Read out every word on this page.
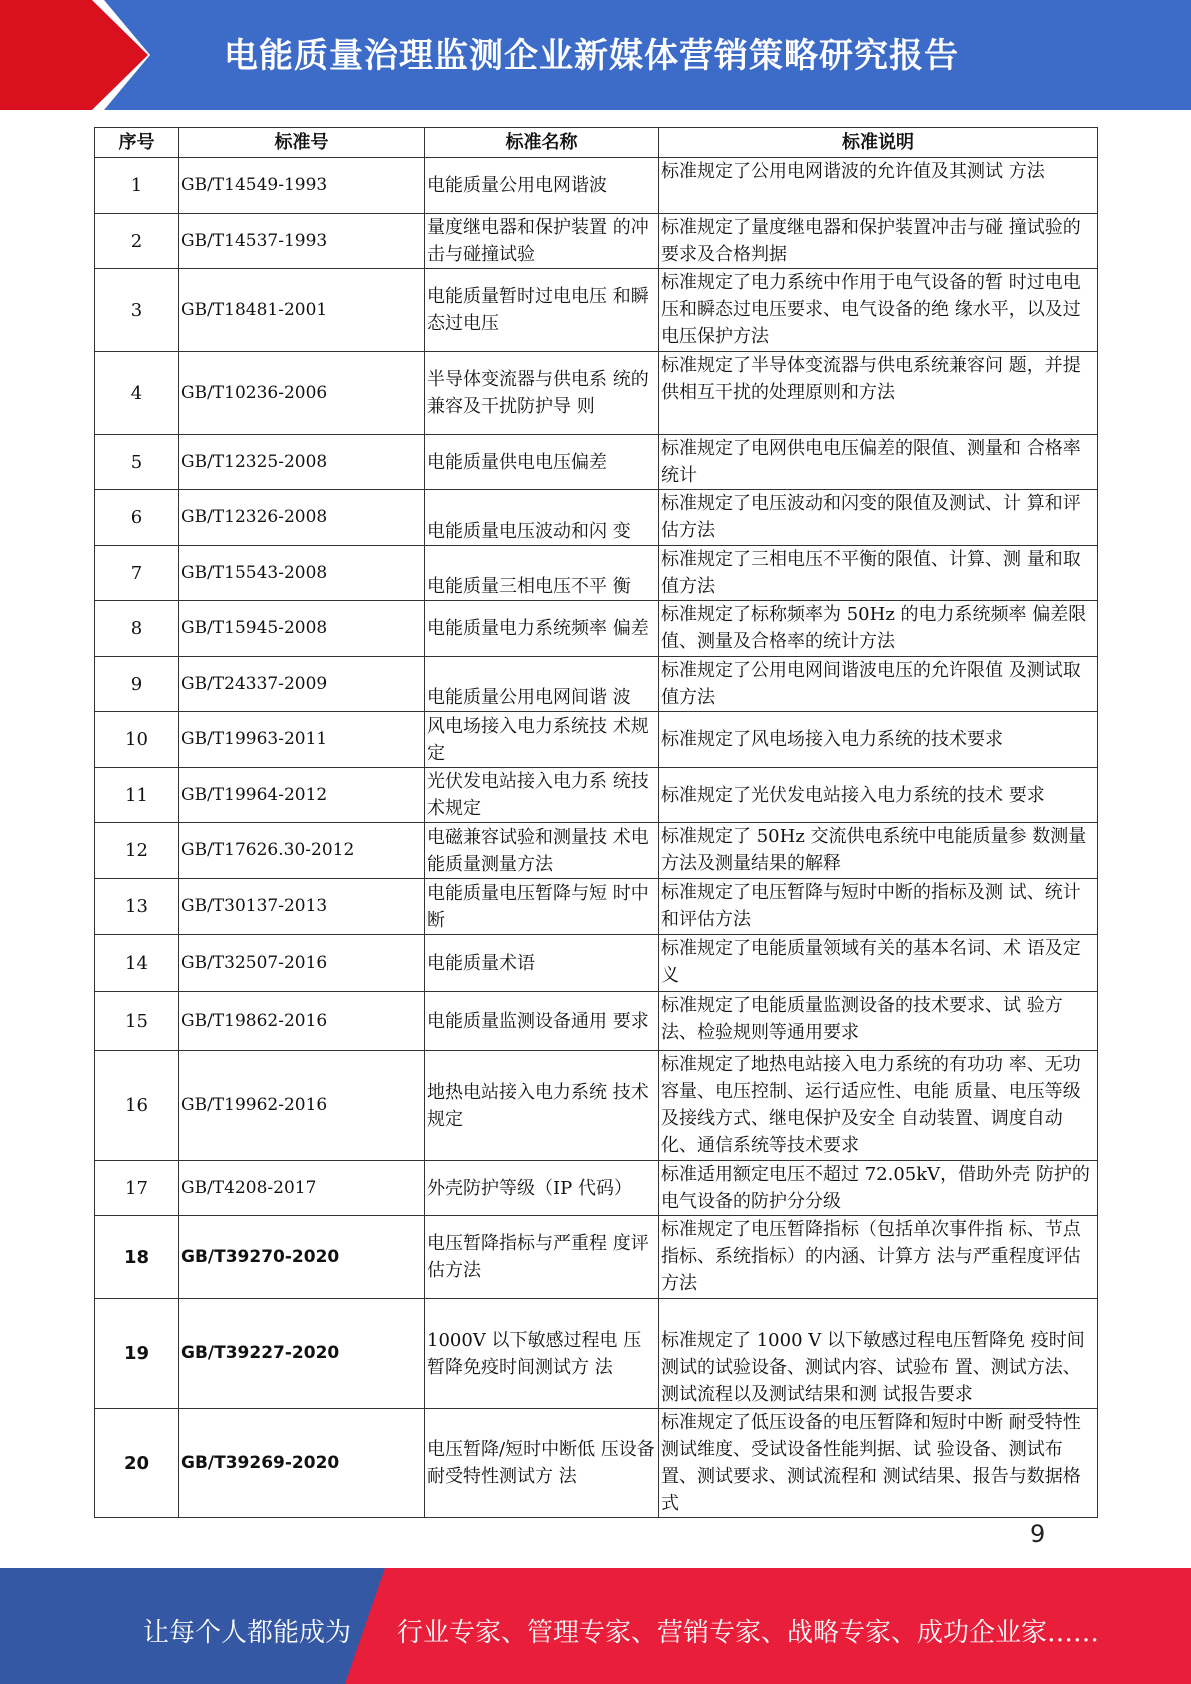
电能质量治理监测企业新媒体营销策略研究报告
序号	标准号	标准名称	标准说明
1	GB/T14549-1993	电能质量公用电网谐波	标准规定了公用电网谐波的允许值及其测试 方法
2	GB/T14537-1993	量度继电器和保护装置 的冲击与碰撞试验	标准规定了量度继电器和保护装置冲击与碰 撞试验的要求及合格判据
3	GB/T18481-2001	电能质量暂时过电电压 和瞬态过电压	标准规定了电力系统中作用于电气设备的暂 时过电电压和瞬态过电压要求、电气设备的绝 缘水平，以及过电压保护方法
4	GB/T10236-2006	半导体变流器与供电系 统的兼容及干扰防护导 则	标准规定了半导体变流器与供电系统兼容问 题，并提供相互干扰的处理原则和方法
5	GB/T12325-2008	电能质量供电电压偏差	标准规定了电网供电电压偏差的限值、测量和 合格率统计
6	GB/T12326-2008	电能质量电压波动和闪 变	标准规定了电压波动和闪变的限值及测试、计 算和评估方法
7	GB/T15543-2008	电能质量三相电压不平 衡	标准规定了三相电压不平衡的限值、计算、测 量和取值方法
8	GB/T15945-2008	电能质量电力系统频率 偏差	标准规定了标称频率为 50Hz 的电力系统频率 偏差限值、测量及合格率的统计方法
9	GB/T24337-2009	电能质量公用电网间谐 波	标准规定了公用电网间谐波电压的允许限值 及测试取值方法
10	GB/T19963-2011	风电场接入电力系统技 术规定	标准规定了风电场接入电力系统的技术要求
11	GB/T19964-2012	光伏发电站接入电力系 统技术规定	标准规定了光伏发电站接入电力系统的技术 要求
12	GB/T17626.30-2012	电磁兼容试验和测量技 术电能质量测量方法	标准规定了 50Hz 交流供电系统中电能质量参 数测量方法及测量结果的解释
13	GB/T30137-2013	电能质量电压暂降与短 时中断	标准规定了电压暂降与短时中断的指标及测 试、统计和评估方法
14	GB/T32507-2016	电能质量术语	标准规定了电能质量领域有关的基本名词、术 语及定义
15	GB/T19862-2016	电能质量监测设备通用 要求	标准规定了电能质量监测设备的技术要求、试 验方法、检验规则等通用要求
16	GB/T19962-2016	地热电站接入电力系统 技术规定	标准规定了地热电站接入电力系统的有功功 率、无功容量、电压控制、运行适应性、电能 质量、电压等级及接线方式、继电保护及安全 自动装置、调度自动化、通信系统等技术要求
17	GB/T4208-2017	外壳防护等级（IP 代码）	标准适用额定电压不超过 72.05kV，借助外壳 防护的电气设备的防护分分级
18	GB/T39270-2020	电压暂降指标与严重程 度评估方法	标准规定了电压暂降指标（包括单次事件指 标、节点指标、系统指标）的内涵、计算方 法与严重程度评估方法
19	GB/T39227-2020	1000V 以下敏感过程电 压暂降免疫时间测试方 法	标准规定了 1000 V 以下敏感过程电压暂降免 疫时间测试的试验设备、测试内容、试验布 置、测试方法、测试流程以及测试结果和测 试报告要求
20	GB/T39269-2020	电压暂降/短时中断低 压设备耐受特性测试方 法	标准规定了低压设备的电压暂降和短时中断 耐受特性测试维度、受试设备性能判据、试 验设备、测试布置、测试要求、测试流程和 测试结果、报告与数据格式
9
让每个人都能成为 行业专家、管理专家、营销专家、战略专家、成功企业家……
